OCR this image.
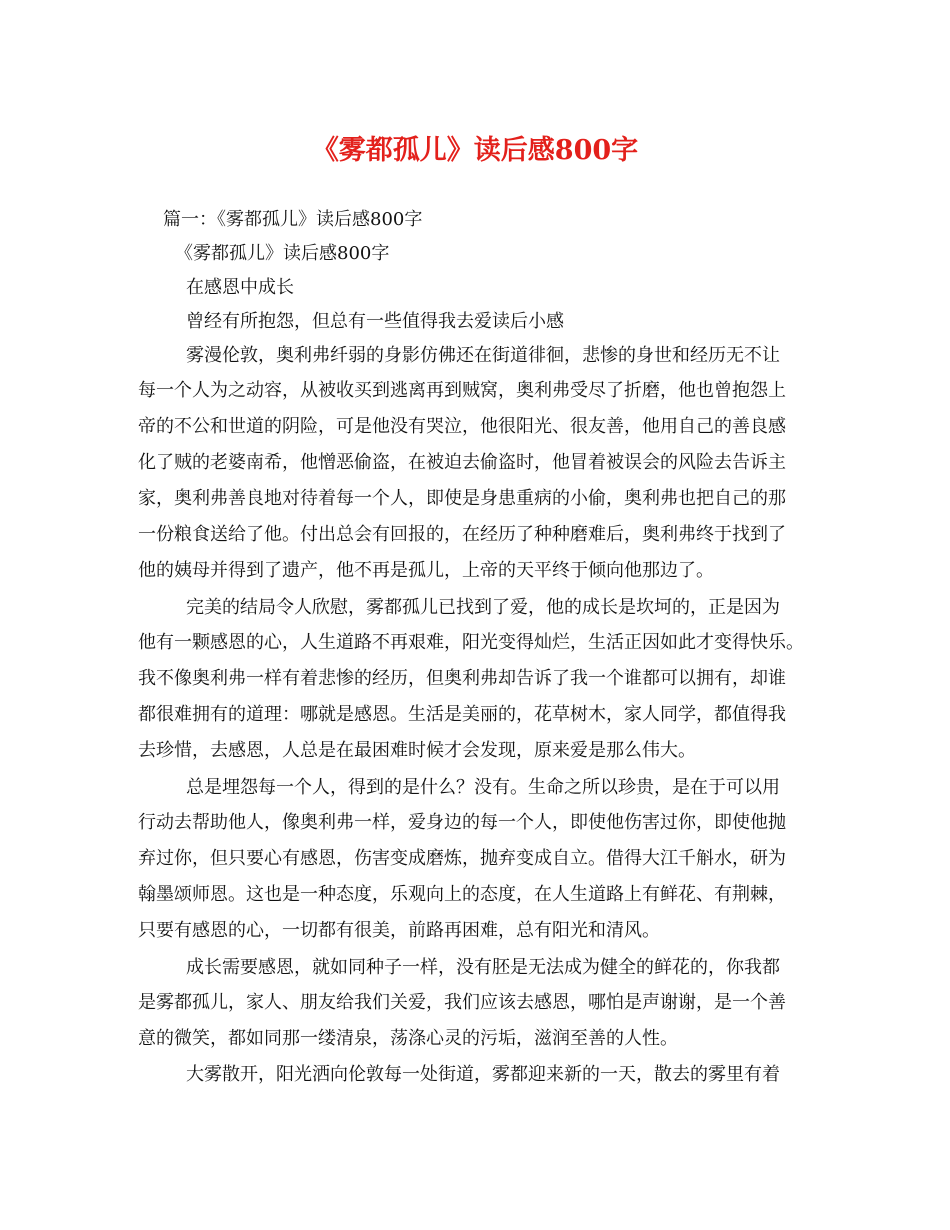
《雾都孤儿》读后感800字
篇一：《雾都孤儿》读后感800字
《雾都孤儿》读后感800字
在感恩中成长
曾经有所抱怨，但总有一些值得我去爱读后小感
雾漫伦敦，奥利弗纤弱的身影仿佛还在街道徘徊，悲惨的身世和经历无不让
每一个人为之动容，从被收买到逃离再到贼窝，奥利弗受尽了折磨，他也曾抱怨上
帝的不公和世道的阴险，可是他没有哭泣，他很阳光、很友善，他用自己的善良感
化了贼的老婆南希，他憎恶偷盗，在被迫去偷盗时，他冒着被误会的风险去告诉主
家，奥利弗善良地对待着每一个人，即使是身患重病的小偷，奥利弗也把自己的那
一份粮食送给了他。付出总会有回报的，在经历了种种磨难后，奥利弗终于找到了
他的姨母并得到了遗产，他不再是孤儿，上帝的天平终于倾向他那边了。
完美的结局令人欣慰，雾都孤儿已找到了爱，他的成长是坎坷的，正是因为
他有一颗感恩的心，人生道路不再艰难，阳光变得灿烂，生活正因如此才变得快乐。
我不像奥利弗一样有着悲惨的经历，但奥利弗却告诉了我一个谁都可以拥有，却谁
都很难拥有的道理：哪就是感恩。生活是美丽的，花草树木，家人同学，都值得我
去珍惜，去感恩，人总是在最困难时候才会发现，原来爱是那么伟大。
总是埋怨每一个人，得到的是什么？没有。生命之所以珍贵，是在于可以用
行动去帮助他人，像奥利弗一样，爱身边的每一个人，即使他伤害过你，即使他抛
弃过你，但只要心有感恩，伤害变成磨炼，抛弃变成自立。借得大江千斛水，研为
翰墨颂师恩。这也是一种态度，乐观向上的态度，在人生道路上有鲜花、有荆棘，
只要有感恩的心，一切都有很美，前路再困难，总有阳光和清风。
成长需要感恩，就如同种子一样，没有胚是无法成为健全的鲜花的，你我都
是雾都孤儿，家人、朋友给我们关爱，我们应该去感恩，哪怕是声谢谢，是一个善
意的微笑，都如同那一缕清泉，荡涤心灵的污垢，滋润至善的人性。
大雾散开，阳光洒向伦敦每一处街道，雾都迎来新的一天，散去的雾里有着
